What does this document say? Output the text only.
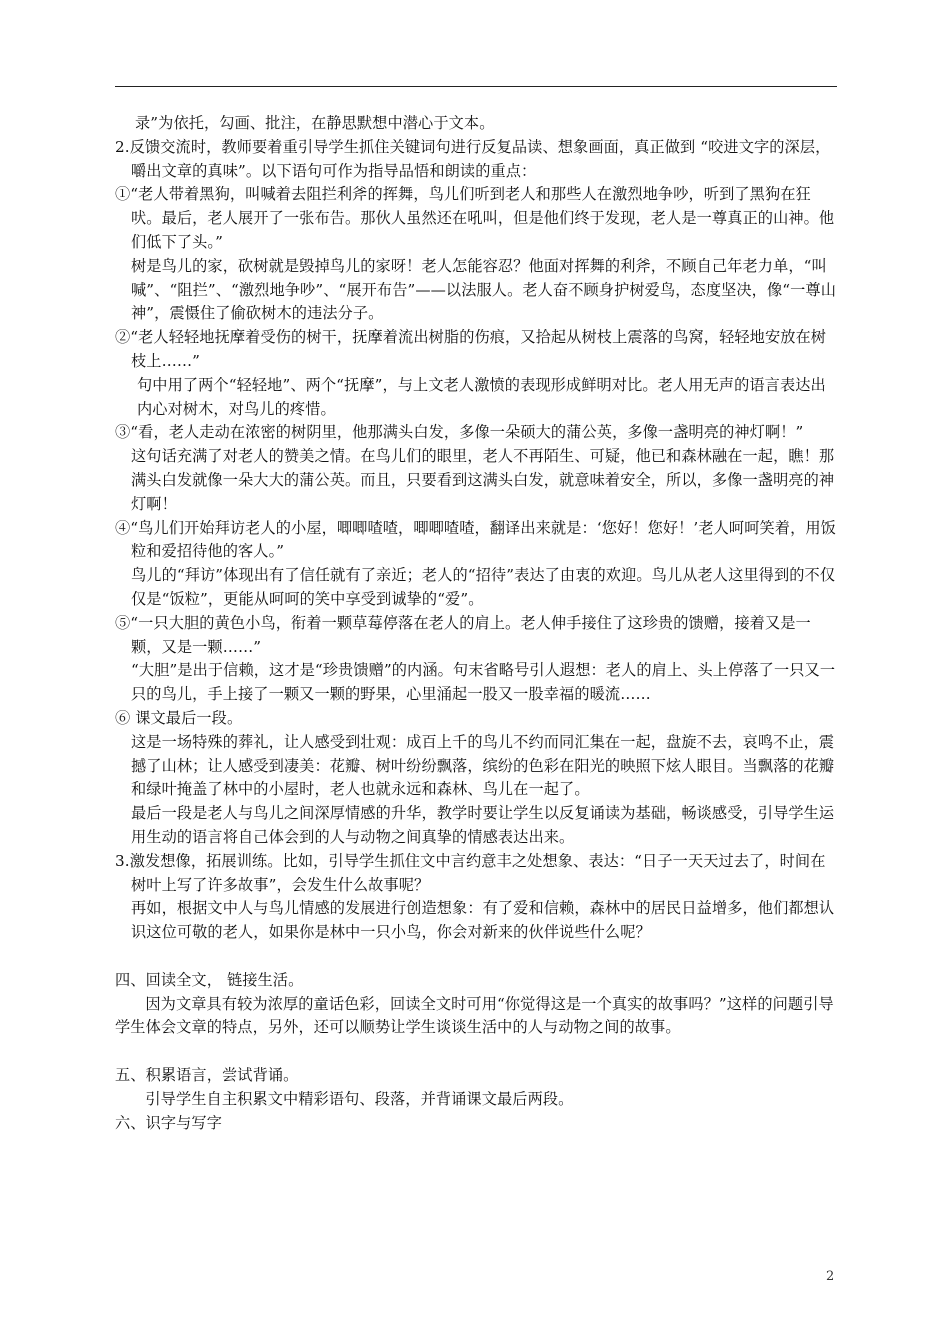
录”为依托，勾画、批注，在静思默想中潜心于文本。

2.反馈交流时，教师要着重引导学生抓住关键词句进行反复品读、想象画面，真正做到 “咬进文字的深层，嚼出文章的真味”。以下语句可作为指导品悟和朗读的重点：

①“老人带着黑狗，叫喊着去阻拦利斧的挥舞，鸟儿们听到老人和那些人在激烈地争吵，听到了黑狗在狂吠。最后，老人展开了一张布告。那伙人虽然还在吼叫，但是他们终于发现，老人是一尊真正的山神。他们低下了头。”

树是鸟儿的家，砍树就是毁掉鸟儿的家呀！老人怎能容忍？他面对挥舞的利斧，不顾自己年老力单，“叫喊”、“阻拦”、“激烈地争吵”、“展开布告”——以法服人。老人奋不顾身护树爱鸟，态度坚决，像“一尊山神”，震慑住了偷砍树木的违法分子。

②“老人轻轻地抚摩着受伤的树干，抚摩着流出树脂的伤痕，又拾起从树枝上震落的鸟窝，轻轻地安放在树枝上……”

句中用了两个“轻轻地”、两个“抚摩”，与上文老人激愤的表现形成鲜明对比。老人用无声的语言表达出内心对树木，对鸟儿的疼惜。

③“看，老人走动在浓密的树阴里，他那满头白发，多像一朵硕大的蒲公英，多像一盏明亮的神灯啊！”

这句话充满了对老人的赞美之情。在鸟儿们的眼里，老人不再陌生、可疑，他已和森林融在一起，瞧！那满头白发就像一朵大大的蒲公英。而且，只要看到这满头白发，就意味着安全，所以，多像一盏明亮的神灯啊！

④“鸟儿们开始拜访老人的小屋，唧唧喳喳，唧唧喳喳，翻译出来就是：‘您好！您好！’老人呵呵笑着，用饭粒和爱招待他的客人。”

鸟儿的“拜访”体现出有了信任就有了亲近；老人的“招待”表达了由衷的欢迎。鸟儿从老人这里得到的不仅仅是“饭粒”，更能从呵呵的笑中享受到诚挚的“爱”。

⑤“一只大胆的黄色小鸟，衔着一颗草莓停落在老人的肩上。老人伸手接住了这珍贵的馈赠，接着又是一颗，又是一颗……”

“大胆”是出于信赖，这才是“珍贵馈赠”的内涵。句末省略号引人遐想：老人的肩上、头上停落了一只又一只的鸟儿，手上接了一颗又一颗的野果，心里涌起一股又一股幸福的暖流……

⑥ 课文最后一段。

这是一场特殊的葬礼，让人感受到壮观：成百上千的鸟儿不约而同汇集在一起，盘旋不去，哀鸣不止，震撼了山林；让人感受到凄美：花瓣、树叶纷纷飘落，缤纷的色彩在阳光的映照下炫人眼目。当飘落的花瓣和绿叶掩盖了林中的小屋时，老人也就永远和森林、鸟儿在一起了。

最后一段是老人与鸟儿之间深厚情感的升华，教学时要让学生以反复诵读为基础，畅谈感受，引导学生运用生动的语言将自己体会到的人与动物之间真挚的情感表达出来。

3.激发想像，拓展训练。比如，引导学生抓住文中言约意丰之处想象、表达：“日子一天天过去了，时间在树叶上写了许多故事”，会发生什么故事呢？

再如，根据文中人与鸟儿情感的发展进行创造想象：有了爱和信赖，森林中的居民日益增多，他们都想认识这位可敬的老人，如果你是林中一只小鸟，你会对新来的伙伴说些什么呢？

四、回读全文， 链接生活。

因为文章具有较为浓厚的童话色彩，回读全文时可用“你觉得这是一个真实的故事吗？”这样的问题引导学生体会文章的特点，另外，还可以顺势让学生谈谈生活中的人与动物之间的故事。

五、积累语言，尝试背诵。

引导学生自主积累文中精彩语句、段落，并背诵课文最后两段。

六、识字与写字

2
